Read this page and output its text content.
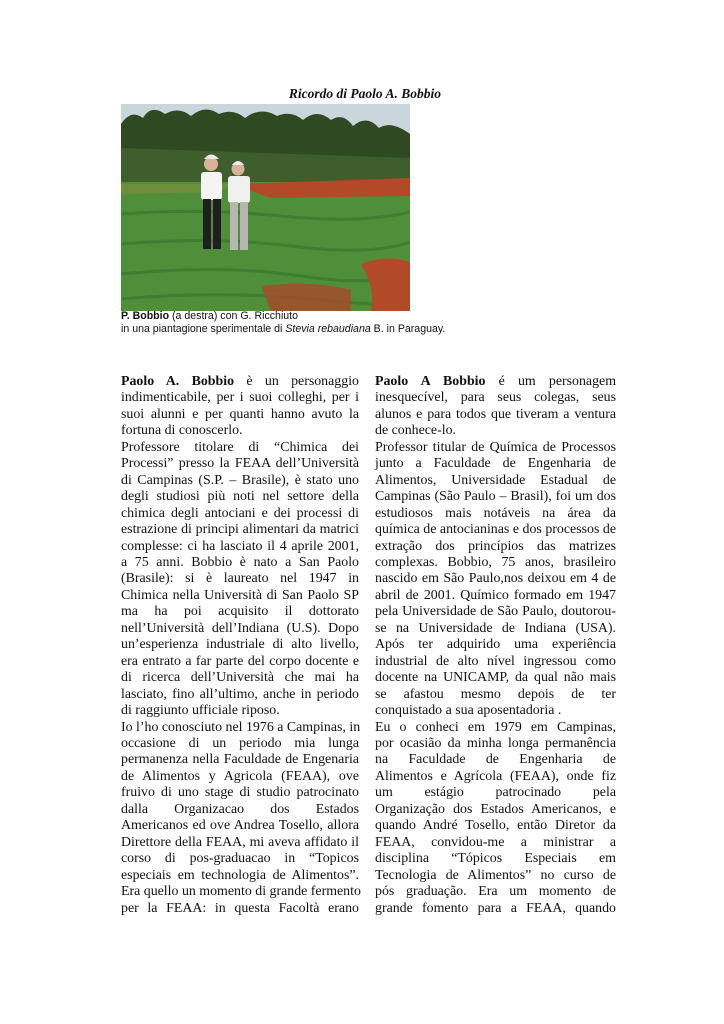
Ricordo di Paolo A. Bobbio
P. Bobbio (a destra) con G. Ricchiuto
in una piantagione sperimentale di Stevia rebaudiana B. in Paraguay.
Paolo A. Bobbio è un personaggio
indimenticabile, per i suoi colleghi, per i
suoi alunni e per quanti hanno avuto la
fortuna di conoscerlo.
Professore titolare di “Chimica dei
Processi” presso la FEAA dell’Università
di Campinas (S.P. – Brasile), è stato uno
degli studiosi più noti nel settore della
chimica degli antociani e dei processi di
estrazione di principi alimentari da matrici
complesse: ci ha lasciato il 4 aprile 2001,
a 75 anni. Bobbio è nato a San Paolo
(Brasile): si è laureato nel 1947 in
Chimica nella Università di San Paolo SP
ma ha poi acquisito il dottorato
nell’Università dell’Indiana (U.S). Dopo
un’esperienza industriale di alto livello,
era entrato a far parte del corpo docente e
di ricerca dell’Università che mai ha
lasciato, fino all’ultimo, anche in periodo
di raggiunto ufficiale riposo.
Io l’ho conosciuto nel 1976 a Campinas, in
occasione di un periodo mia lunga
permanenza nella Faculdade de Engenaria
de Alimentos y Agricola (FEAA), ove
fruivo di uno stage di studio patrocinato
dalla Organizacao dos Estados
Americanos ed ove Andrea Tosello, allora
Direttore della FEAA, mi aveva affidato il
corso di pos-graduacao in “Topicos
especiais em technologia de Alimentos”.
Era quello un momento di grande fermento
per la FEAA: in questa Facoltà erano
Paolo A Bobbio é um personagem
inesquecível, para seus colegas, seus
alunos e para todos que tiveram a ventura
de conhece-lo.
Professor titular de Química de Processos
junto a Faculdade de Engenharia de
Alimentos, Universidade Estadual de
Campinas (São Paulo – Brasil), foi um dos
estudiosos mais notáveis na área da
química de antocianinas e dos processos de
extração dos princípios das matrizes
complexas. Bobbio, 75 anos, brasileiro
nascido em São Paulo,nos deixou em 4 de
abril de 2001. Químico formado em 1947
pela Universidade de São Paulo, doutorou-
se na Universidade de Indiana (USA).
Após ter adquirido uma experiência
industrial de alto nível ingressou como
docente na UNICAMP, da qual não mais
se afastou mesmo depois de ter
conquistado a sua aposentadoria .
Eu o conheci em 1979 em Campinas,
por ocasião da minha longa permanência
na Faculdade de Engenharia de
Alimentos e Agrícola (FEAA), onde fiz
um estágio patrocinado pela
Organização dos Estados Americanos, e
quando André Tosello, então Diretor da
FEAA, convidou-me a ministrar a
disciplina “Tópicos Especiais em
Tecnologia de Alimentos” no curso de
pós graduação. Era um momento de
grande fomento para a FEAA, quando
